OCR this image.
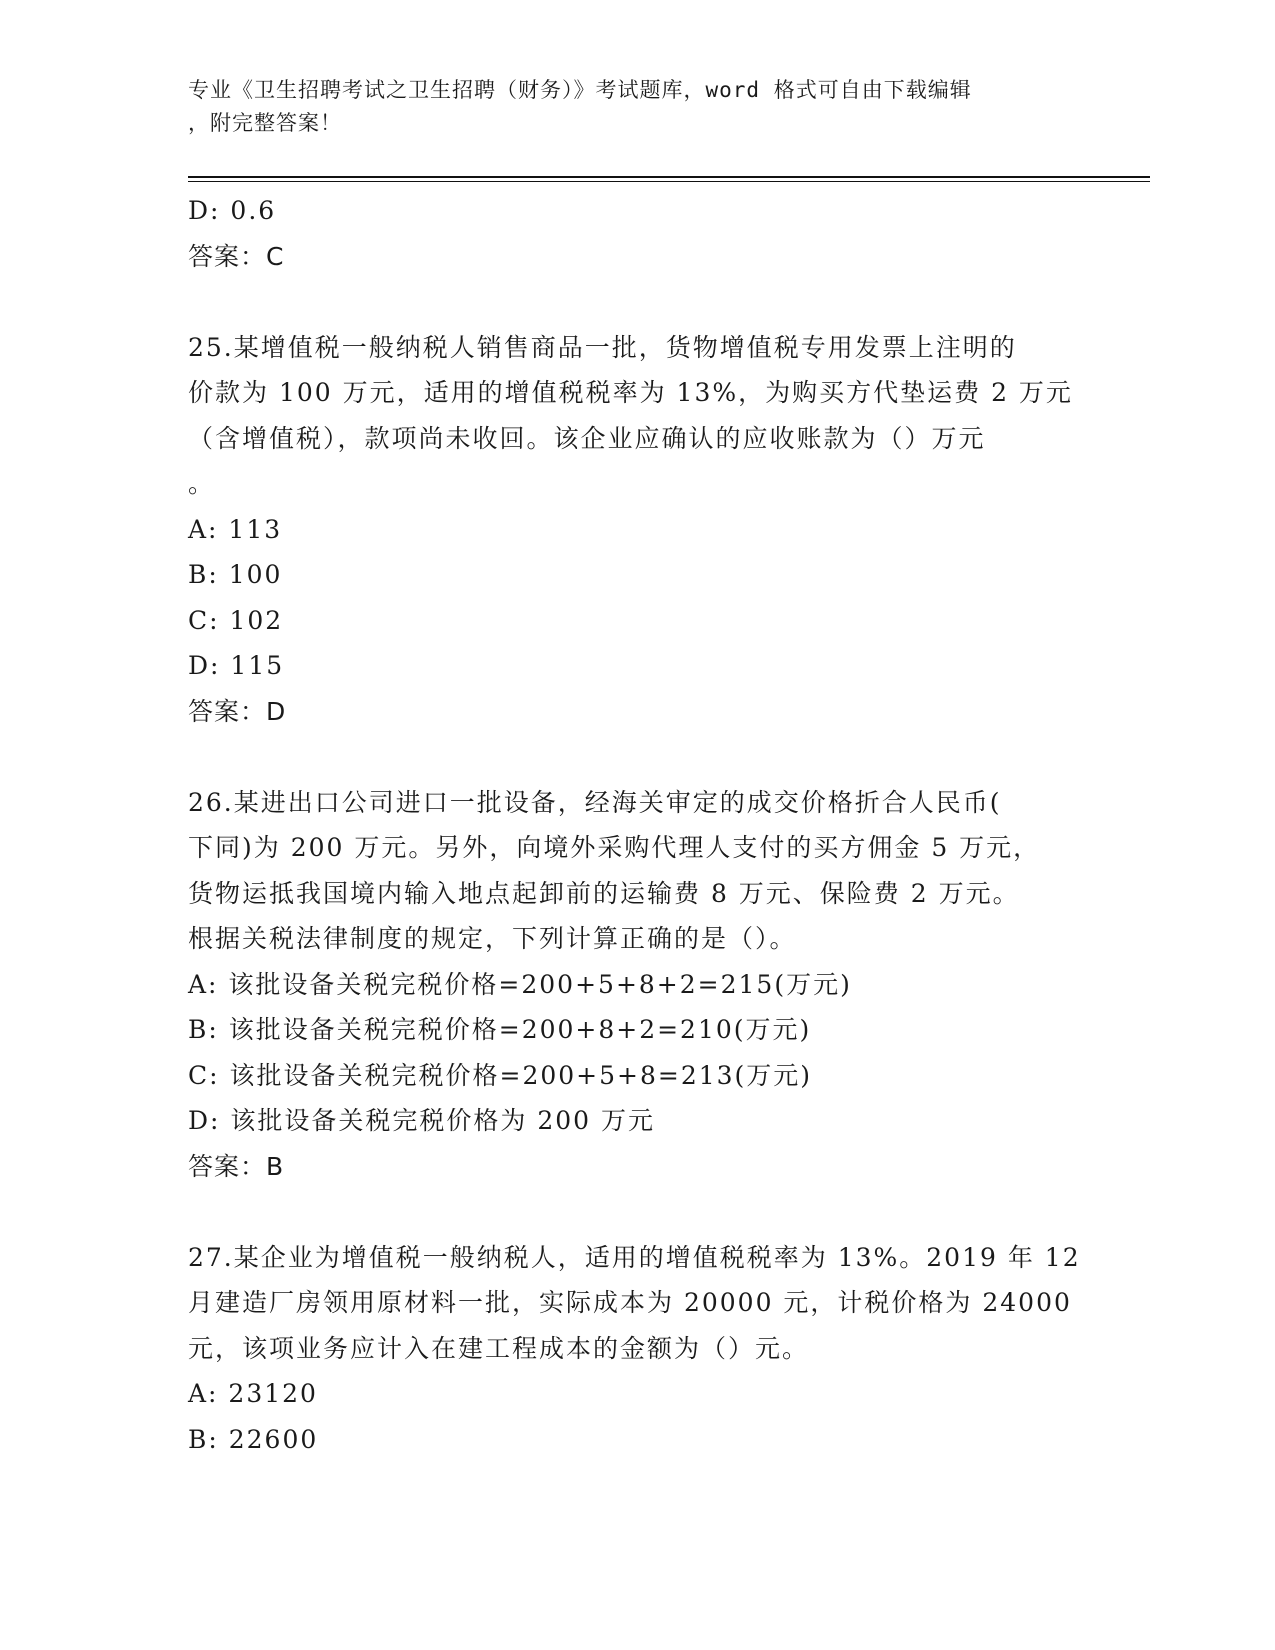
专业《卫生招聘考试之卫生招聘（财务）》考试题库，word 格式可自由下载编辑
，附完整答案！
D: 0.6
答案：C
25.某增值税一般纳税人销售商品一批，货物增值税专用发票上注明的
价款为 100 万元，适用的增值税税率为 13%，为购买方代垫运费 2 万元
（含增值税），款项尚未收回。该企业应确认的应收账款为（）万元
。
A: 113
B: 100
C: 102
D: 115
答案：D
26.某进出口公司进口一批设备，经海关审定的成交价格折合人民币(
下同)为 200 万元。另外，向境外采购代理人支付的买方佣金 5 万元，
货物运抵我国境内输入地点起卸前的运输费 8 万元、保险费 2 万元。
根据关税法律制度的规定，下列计算正确的是（）。
A: 该批设备关税完税价格=200+5+8+2=215(万元)
B: 该批设备关税完税价格=200+8+2=210(万元)
C: 该批设备关税完税价格=200+5+8=213(万元)
D: 该批设备关税完税价格为 200 万元
答案：B
27.某企业为增值税一般纳税人，适用的增值税税率为 13%。2019 年 12
月建造厂房领用原材料一批，实际成本为 20000 元，计税价格为 24000
元，该项业务应计入在建工程成本的金额为（）元。
A: 23120
B: 22600
